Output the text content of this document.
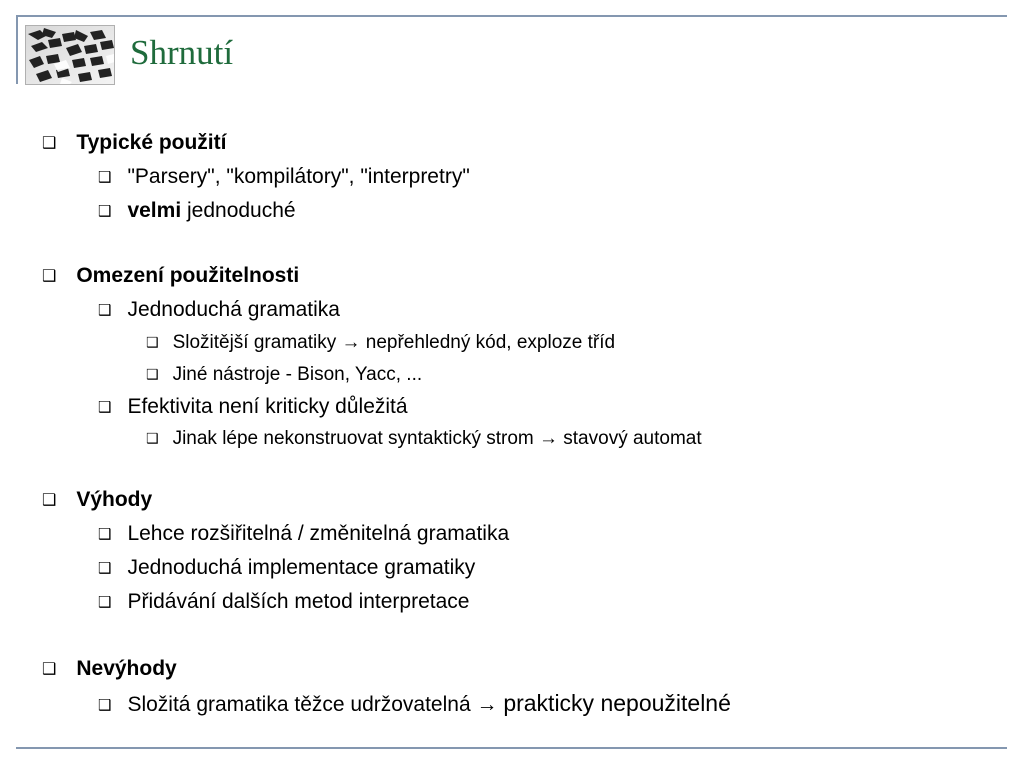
Shrnutí
❑ Typické použití
❑ "Parsery", "kompilátory", "interpretry"
❑ velmi jednoduché
❑ Omezení použitelnosti
❑ Jednoduchá gramatika
❑ Složitější gramatiky → nepřehledný kód, exploze tříd
❑ Jiné nástroje - Bison, Yacc, ...
❑ Efektivita není kriticky důležitá
❑ Jinak lépe nekonstruovat syntaktický strom → stavový automat
❑ Výhody
❑ Lehce rozšiřitelná / změnitelná gramatika
❑ Jednoduchá implementace gramatiky
❑ Přidávání dalších metod interpretace
❑ Nevýhody
❑ Složitá gramatika těžce udržovatelná → prakticky nepoužitelné
